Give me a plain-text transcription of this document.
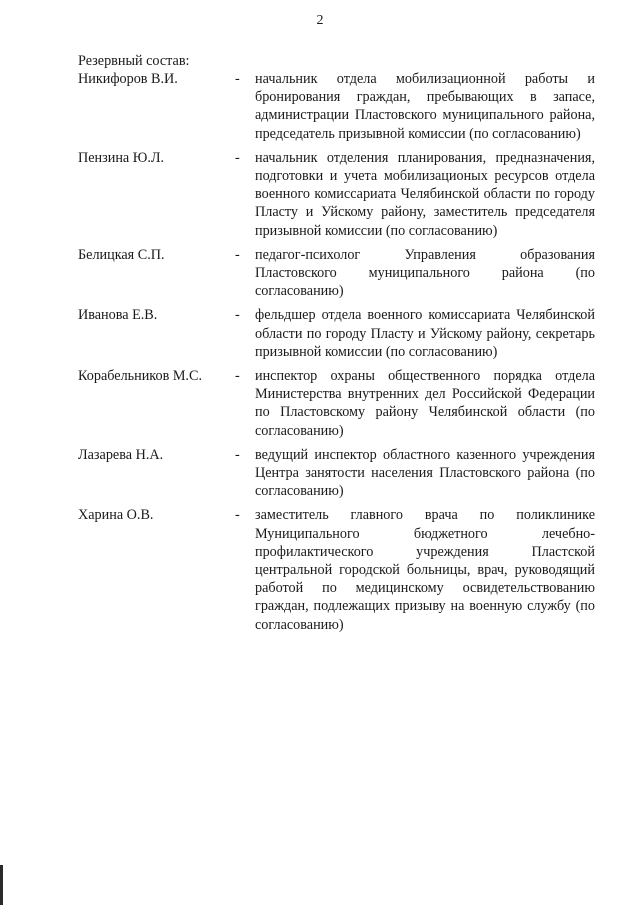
2
Резервный состав:
Никифоров В.И.	-	начальник отдела мобилизационной работы и бронирования граждан, пребывающих в запасе, администрации Пластовского муниципального района, председатель призывной комиссии (по согласованию)
Пензина Ю.Л.	-	начальник отделения планирования, предназначения, подготовки и учета мобилизационых ресурсов отдела военного комиссариата Челябинской области по городу Пласту и Уйскому району, заместитель председателя призывной комиссии (по согласованию)
Белицкая С.П.	-	педагог-психолог Управления образования Пластовского муниципального района (по согласованию)
Иванова Е.В.	-	фельдшер отдела военного комиссариата Челябинской области по городу Пласту и Уйскому району, секретарь призывной комиссии (по согласованию)
Корабельников М.С.	-	инспектор охраны общественного порядка отдела Министерства внутренних дел Российской Федерации по Пластовскому району Челябинской области (по согласованию)
Лазарева Н.А.	-	ведущий инспектор областного казенного учреждения Центра занятости населения Пластовского района (по согласованию)
Харина О.В.	-	заместитель главного врача по поликлинике Муниципального бюджетного лечебно-профилактического учреждения Пластской центральной городской больницы, врач, руководящий работой по медицинскому освидетельствованию граждан, подлежащих призыву на военную службу (по согласованию)
